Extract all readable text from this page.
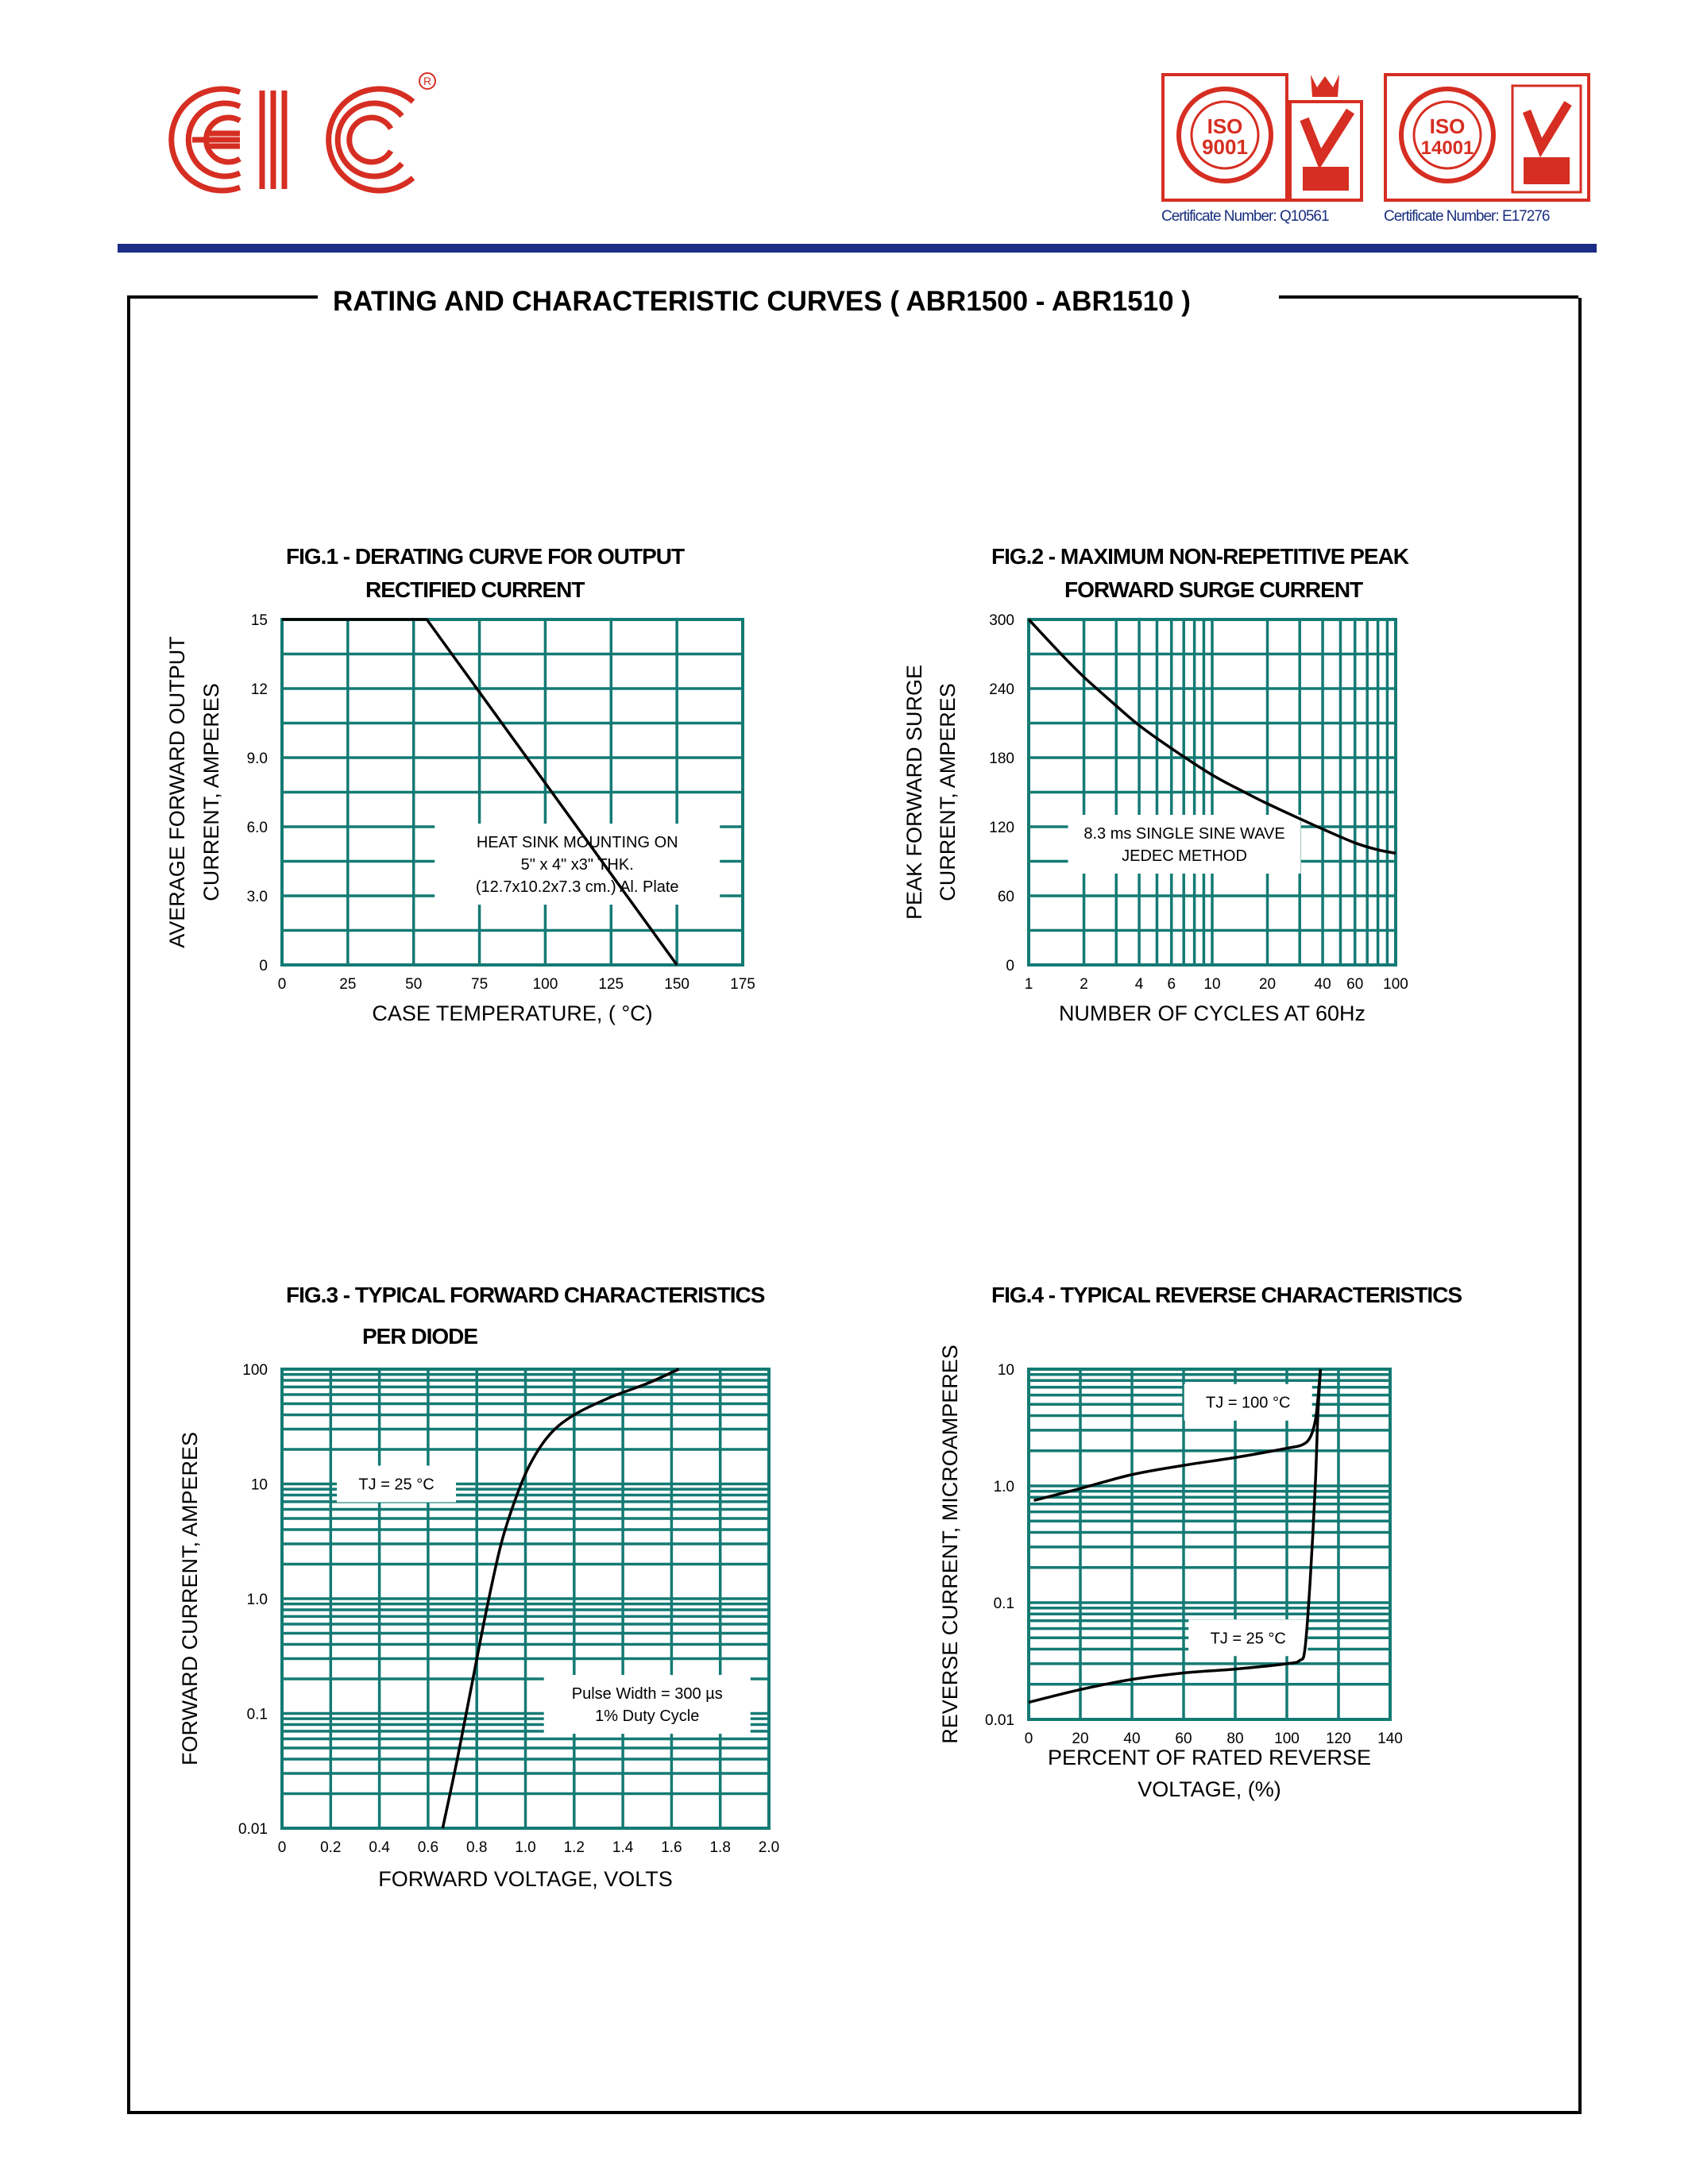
R
ISO
9001
ISO
14001
Certificate Number: Q10561	Certificate Number: E17276
RATING AND CHARACTERISTIC CURVES ( ABR1500 - ABR1510 )
0	25	50	75	100	125	150	175
0
3.0
6.0
9.0
12
15
FIG.1 - DERATING CURVE FOR OUTPUT
RECTIFIED CURRENT
CASE TEMPERATURE, ( °C)
AVERAGE FORWARD OUTPUT CURRENT, AMPERES	HEAT SINK MOUNTING ON
5" x 4" x3" THK.
(12.7x10.2x7.3 cm.) Al. Plate
1	2	4 6 10	20	40 60 100
0
60
120
180
240
300
FIG.2 - MAXIMUM NON-REPETITIVE PEAK
FORWARD SURGE CURRENT
NUMBER OF CYCLES AT 60Hz
PEAK FORWARD SURGE CURRENT, AMPERES	8.3 ms SINGLE SINE WAVE
JEDEC METHOD
0 0.2 0.4 0.6 0.8 1.0 1.2 1.4 1.6 1.8 2.0
0.01
0.1
1.0
10
100
FIG.3 - TYPICAL FORWARD CHARACTERISTICS
PER DIODE
FORWARD VOLTAGE, VOLTS
FORWARD CURRENT, AMPERES	TJ = 25 °C
Pulse Width = 300 µs
1% Duty Cycle
0	20 40 60 80 100 120 140
0.01
0.1
1.0
10
FIG.4 - TYPICAL REVERSE CHARACTERISTICS
PERCENT OF RATED REVERSE
VOLTAGE, (%)
REVERSE CURRENT, MICROAMPERES	TJ = 100 °C
TJ = 25 °C
